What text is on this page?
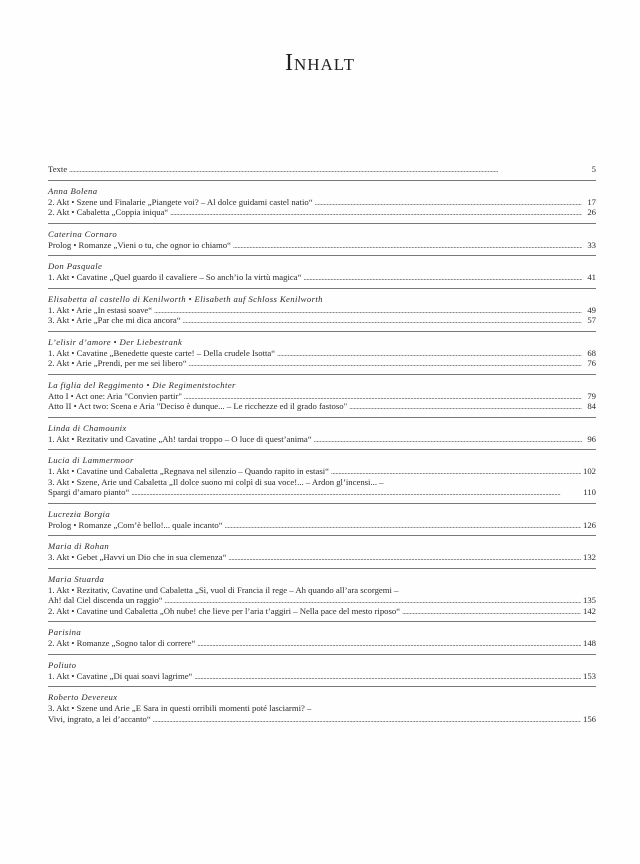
Inhalt
Texte . . .	5
Anna Bolena
2. Akt • Szene und Finalarie „Piangete voi? – Al dolce guidami castel natio“ . . .	17
2. Akt • Cabaletta „Coppia iniqua“ . . .	26
Caterina Cornaro
Prolog • Romanze „Vieni o tu, che ognor io chiamo“ . . .	33
Don Pasquale
1. Akt • Cavatine „Quel guardo il cavaliere – So anch’io la virtù magica“ . . .	41
Elisabetta al castello di Kenilworth • Elisabeth auf Schloss Kenilworth
1. Akt • Arie „In estasi soave“ . . .	49
3. Akt • Arie „Par che mi dica ancora“ . . .	57
L’elisir d’amore • Der Liebestrank
1. Akt • Cavatine „Benedette queste carte! – Della crudele Isotta“ . . .	68
2. Akt • Arie „Prendi, per me sei libero“ . . .	76
La figlia del Reggimento • Die Regimentstochter
Atto I • Act one: Aria "Convien partir" . . .	79
Atto II • Act two: Scena e Aria "Deciso è dunque... – Le ricchezze ed il grado fastoso" . . .	84
Linda di Chamounix
1. Akt • Rezitativ und Cavatine „Ah! tardai troppo – O luce di quest’anima“ . . .	96
Lucia di Lammermoor
1. Akt • Cavatine und Cabaletta „Regnava nel silenzio – Quando rapito in estasi“ . . .	102
3. Akt • Szene, Arie und Cabaletta „Il dolce suono mi colpì di sua voce!... – Ardon gl’incensi... –
Spargi d’amaro pianto“ . . .	110
Lucrezia Borgia
Prolog • Romanze „Com’è bello!... quale incanto“ . . .	126
Maria di Rohan
3. Akt • Gebet „Havvi un Dio che in sua clemenza“ . . .	132
Maria Stuarda
1. Akt • Rezitativ, Cavatine und Cabaletta „Sì, vuol di Francia il rege – Ah quando all’ara scorgemi –
Ah! dal Ciel discenda un raggio“ . . .	135
2. Akt • Cavatine und Cabaletta „Oh nube! che lieve per l’aria t’aggiri – Nella pace del mesto riposo“ . . .	142
Parisina
2. Akt • Romanze „Sogno talor di correre“ . . .	148
Poliuto
1. Akt • Cavatine „Di quai soavi lagrime“ . . .	153
Roberto Devereux
3. Akt • Szene und Arie „E Sara in questi orribili momenti poté lasciarmi? –
Vivi, ingrato, a lei d’accanto“ . . .	156
